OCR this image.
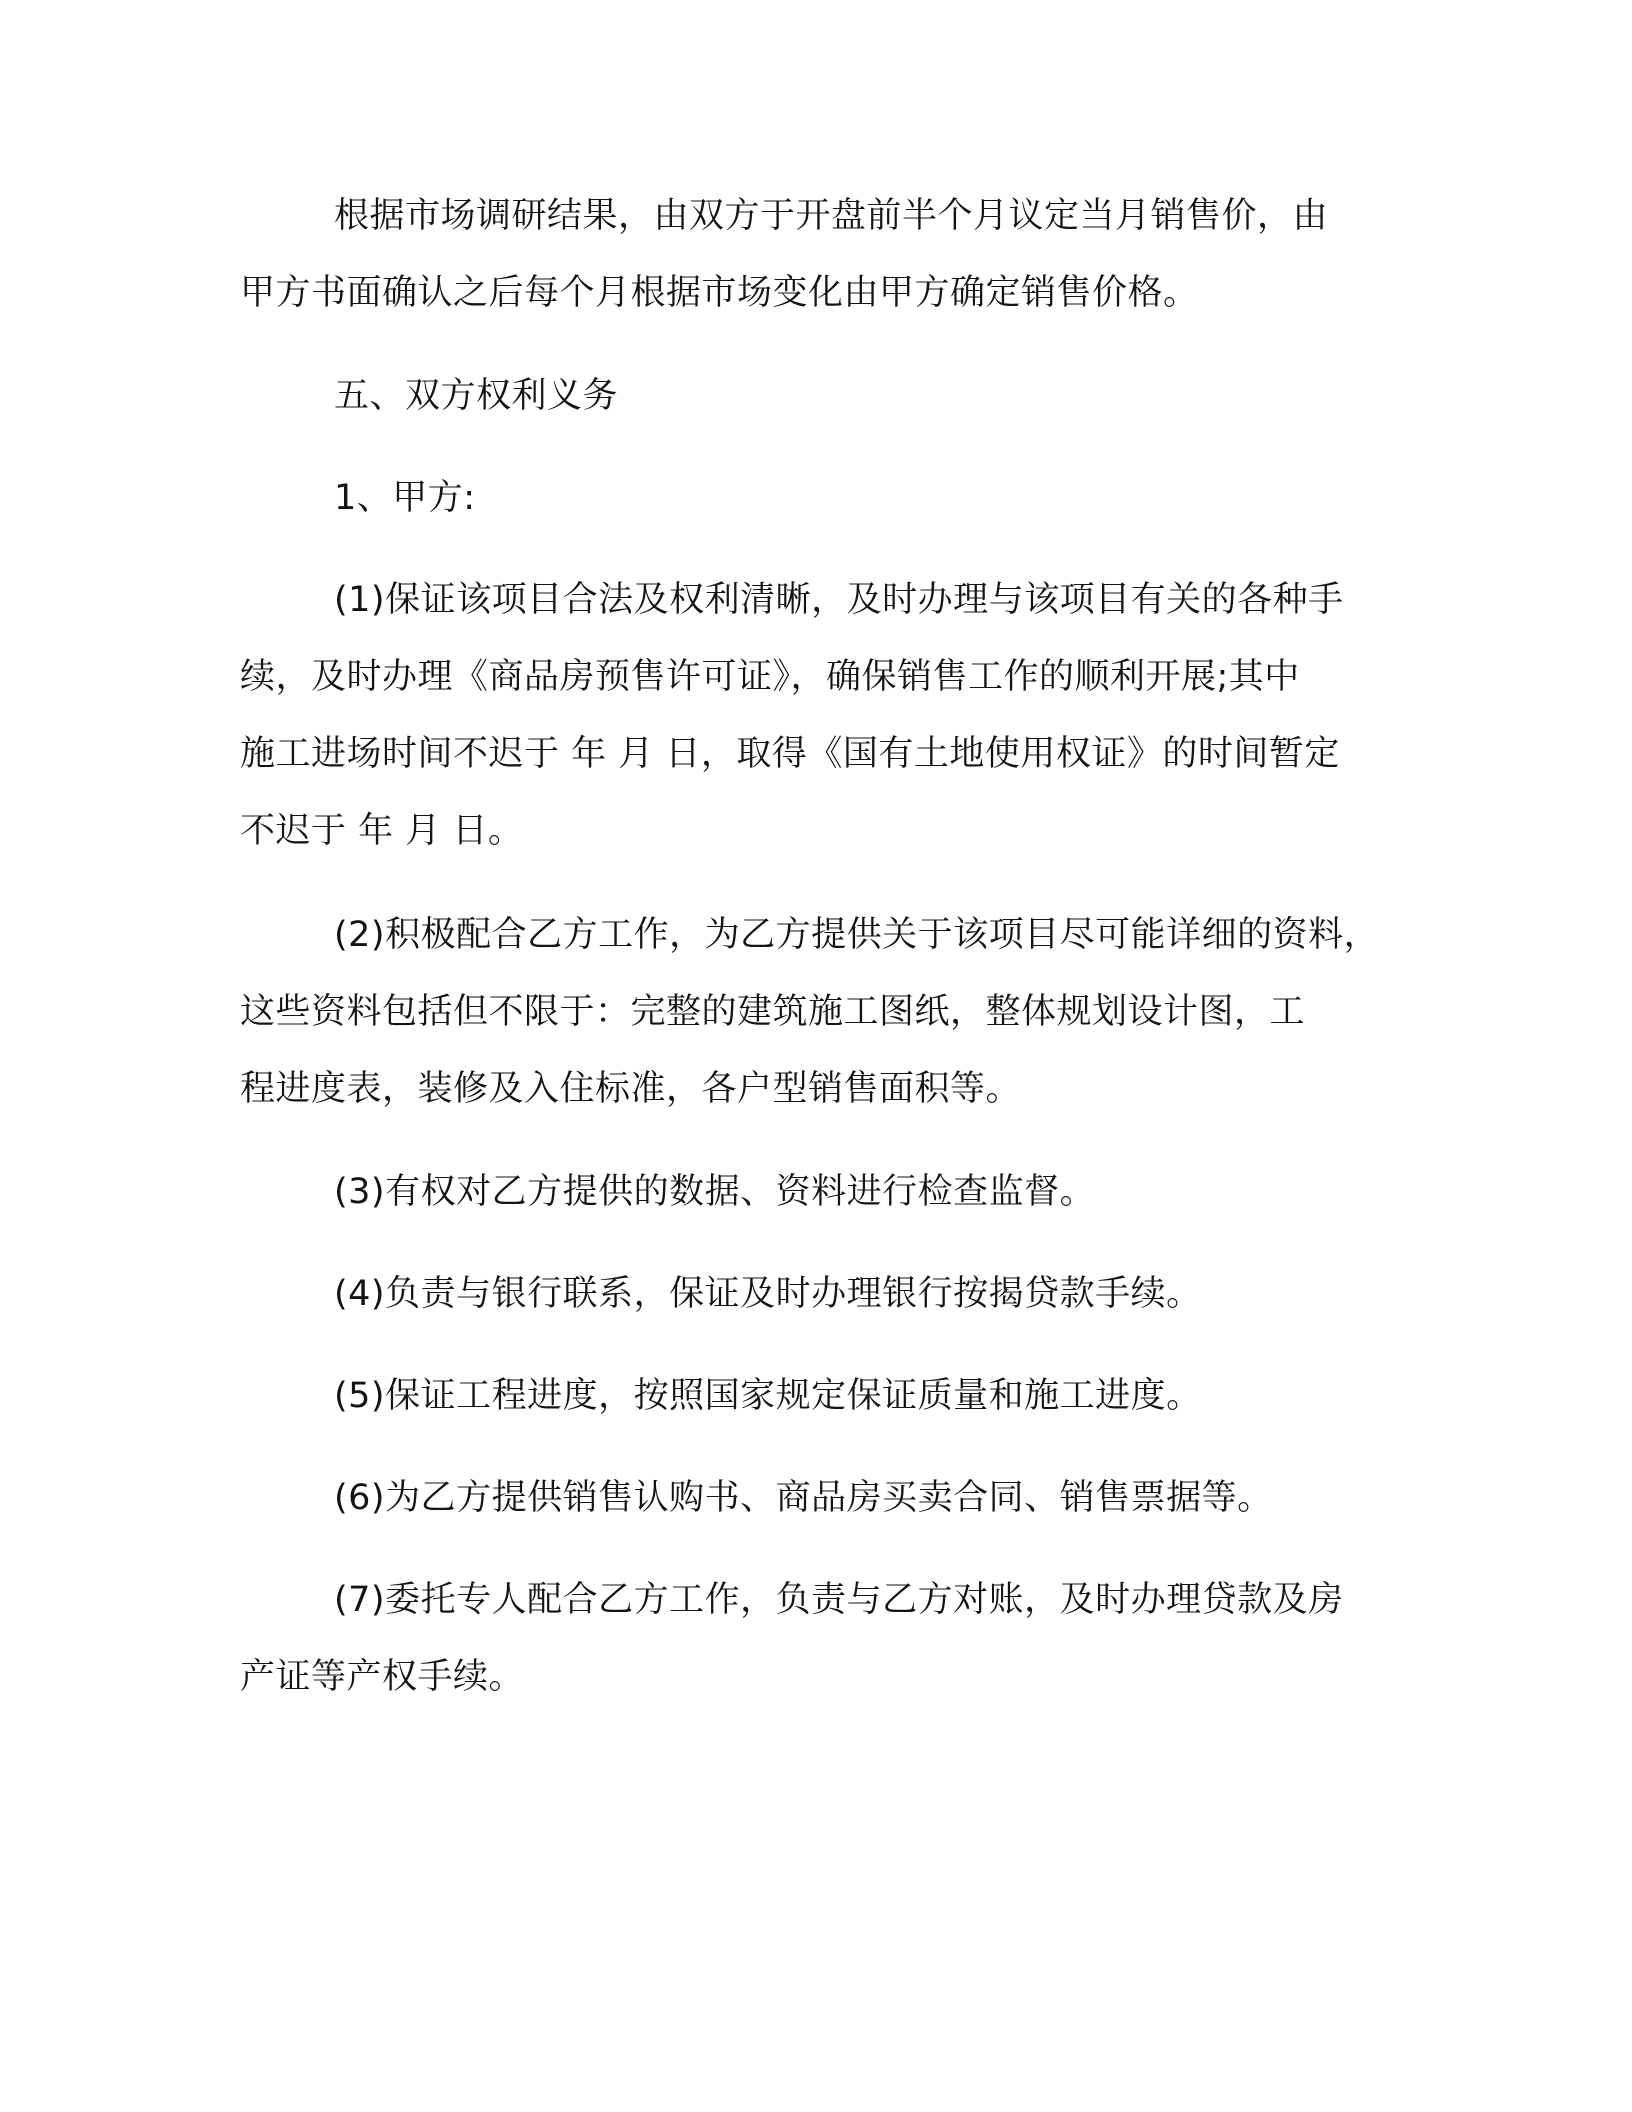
根据市场调研结果，由双方于开盘前半个月议定当月销售价，由
甲方书面确认之后每个月根据市场变化由甲方确定销售价格。

五、双方权利义务

1、甲方:

(1)保证该项目合法及权利清晰，及时办理与该项目有关的各种手
续，及时办理《商品房预售许可证》，确保销售工作的顺利开展;其中
施工进场时间不迟于 年 月 日，取得《国有土地使用权证》的时间暂定
不迟于 年 月 日。

(2)积极配合乙方工作，为乙方提供关于该项目尽可能详细的资料，
这些资料包括但不限于：完整的建筑施工图纸，整体规划设计图，工
程进度表，装修及入住标准，各户型销售面积等。

(3)有权对乙方提供的数据、资料进行检查监督。

(4)负责与银行联系，保证及时办理银行按揭贷款手续。

(5)保证工程进度，按照国家规定保证质量和施工进度。

(6)为乙方提供销售认购书、商品房买卖合同、销售票据等。

(7)委托专人配合乙方工作，负责与乙方对账，及时办理贷款及房
产证等产权手续。
